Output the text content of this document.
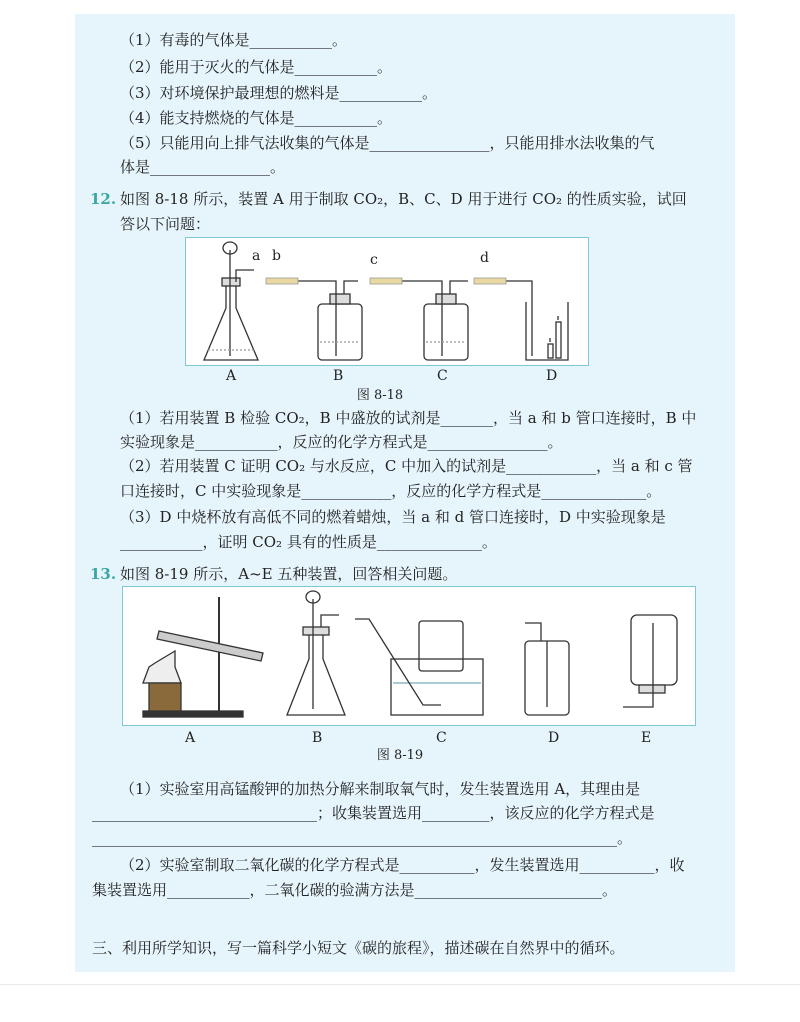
（1）有毒的气体是___________。
（2）能用于灭火的气体是___________。
（3）对环境保护最理想的燃料是___________。
（4）能支持燃烧的气体是___________。
（5）只能用向上排气法收集的气体是________________，只能用排水法收集的气
体是________________。
12. 如图 8-18 所示，装置 A 用于制取 CO₂，B、C、D 用于进行 CO₂ 的性质实验，试回
答以下问题：
a b	c	d
A	B	C	D
图 8-18
（1）若用装置 B 检验 CO₂，B 中盛放的试剂是_______，当 a 和 b 管口连接时，B 中
实验现象是___________，反应的化学方程式是________________。
（2）若用装置 C 证明 CO₂ 与水反应，C 中加入的试剂是____________，当 a 和 c 管
口连接时，C 中实验现象是____________，反应的化学方程式是______________。
（3）D 中烧杯放有高低不同的燃着蜡烛，当 a 和 d 管口连接时，D 中实验现象是
___________，证明 CO₂ 具有的性质是______________。
13. 如图 8-19 所示，A~E 五种装置，回答相关问题。
A	B	C	D	E
图 8-19
（1）实验室用高锰酸钾的加热分解来制取氧气时，发生装置选用 A，其理由是
______________________________；收集装置选用_________，该反应的化学方程式是
______________________________________________________________________。
（2）实验室制取二氧化碳的化学方程式是__________，发生装置选用__________，收
集装置选用___________，二氧化碳的验满方法是_________________________。
三、利用所学知识，写一篇科学小短文《碳的旅程》，描述碳在自然界中的循环。
